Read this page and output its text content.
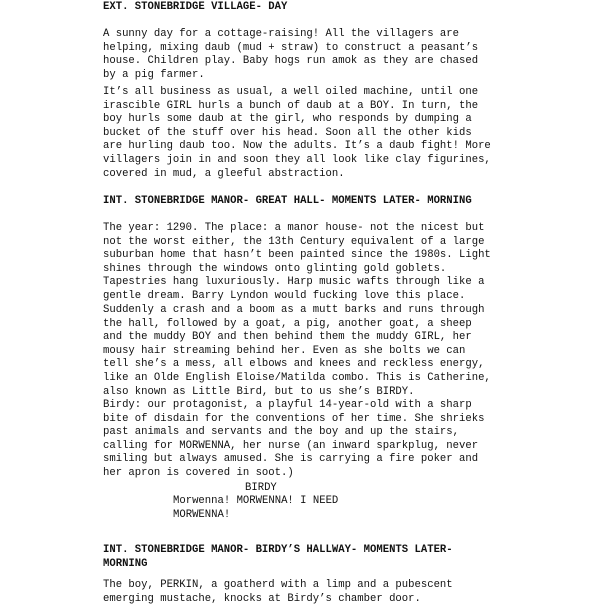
EXT. STONEBRIDGE VILLAGE- DAY

A sunny day for a cottage-raising! All the villagers are
helping, mixing daub (mud + straw) to construct a peasant’s
house. Children play. Baby hogs run amok as they are chased
by a pig farmer.

It’s all business as usual, a well oiled machine, until one
irascible GIRL hurls a bunch of daub at a BOY. In turn, the
boy hurls some daub at the girl, who responds by dumping a
bucket of the stuff over his head. Soon all the other kids
are hurling daub too. Now the adults. It’s a daub fight! More
villagers join in and soon they all look like clay figurines,
covered in mud, a gleeful abstraction.

INT. STONEBRIDGE MANOR- GREAT HALL- MOMENTS LATER- MORNING

The year: 1290. The place: a manor house- not the nicest but
not the worst either, the 13th Century equivalent of a large
suburban home that hasn’t been painted since the 1980s. Light
shines through the windows onto glinting gold goblets.
Tapestries hang luxuriously. Harp music wafts through like a
gentle dream. Barry Lyndon would fucking love this place.

Suddenly a crash and a boom as a mutt barks and runs through
the hall, followed by a goat, a pig, another goat, a sheep
and the muddy BOY and then behind them the muddy GIRL, her
mousy hair streaming behind her. Even as she bolts we can
tell she’s a mess, all elbows and knees and reckless energy,
like an Olde English Eloise/Matilda combo. This is Catherine,
also known as Little Bird, but to us she’s BIRDY.

Birdy: our protagonist, a playful 14-year-old with a sharp
bite of disdain for the conventions of her time. She shrieks
past animals and servants and the boy and up the stairs,
calling for MORWENNA, her nurse (an inward sparkplug, never
smiling but always amused. She is carrying a fire poker and
her apron is covered in soot.)

BIRDY

Morwenna! MORWENNA! I NEED
MORWENNA!

INT. STONEBRIDGE MANOR- BIRDY’S HALLWAY- MOMENTS LATER-
MORNING

The boy, PERKIN, a goatherd with a limp and a pubescent
emerging mustache, knocks at Birdy’s chamber door.
